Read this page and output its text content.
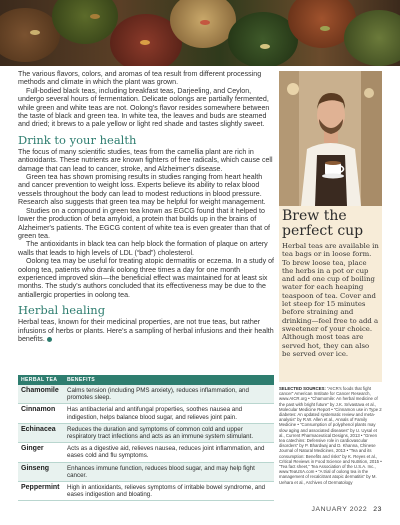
The various flavors, colors, and aromas of tea result from different processing methods and climate in which the plant was grown.

Full-bodied black teas, including breakfast teas, Darjeeling, and Ceylon, undergo several hours of fermentation. Delicate oolongs are partially fermented, while green and white teas are not. Oolong's flavor resides somewhere between the taste of black and green tea. In white tea, the leaves and buds are steamed and dried; it brews to a pale yellow or light red shade and tastes slightly sweet.

Drink to your health

The focus of many scientific studies, teas from the camellia plant are rich in antioxidants. These nutrients are known fighters of free radicals, which cause cell damage that can lead to cancer, stroke, and Alzheimer's disease.

Green tea has shown promising results in studies ranging from heart health and cancer prevention to weight loss. Experts believe its ability to relax blood vessels throughout the body can lead to modest reductions in blood pressure. Research also suggests that green tea may be helpful for weight management.

Studies on a compound in green tea known as EGCG found that it helped to lower the production of beta amyloid, a protein that builds up in the brains of Alzheimer's patients. The EGCG content of white tea is even greater than that of green tea.

The antioxidants in black tea can help block the formation of plaque on artery walls that leads to high levels of LDL (“bad”) cholesterol.

Oolong tea may be useful for treating atopic dermatitis or eczema. In a study of oolong tea, patients who drank oolong three times a day for one month experienced improved skin—the beneficial effect was maintained for at least six months. The study's authors concluded that its effectiveness may be due to the antiallergic properties in oolong tea.

Herbal healing

Herbal teas, known for their medicinal properties, are not true teas, but rather infusions of herbs or plants. Here's a sampling of herbal infusions and their health benefits.

HERBAL TEA	BENEFITS
Chamomile	Calms tension (including PMS anxiety), reduces inflammation, and promotes sleep.
Cinnamon	Has antibacterial and antifungal properties, soothes nausea and indigestion, helps balance blood sugar, and relieves joint pain.
Echinacea	Reduces the duration and symptoms of common cold and upper respiratory tract infections and acts as an immune system stimulant.
Ginger	Acts as a digestive aid, relieves nausea, reduces joint inflammation, and eases cold and flu symptoms.
Ginseng	Enhances immune function, reduces blood sugar, and may help fight cancer.
Peppermint	High in antioxidants, relieves symptoms of irritable bowel syndrome, and eases indigestion and bloating.
Brew the perfect cup

Herbal teas are available in tea bags or in loose form. To brew loose tea, place the herbs in a pot or cup and add one cup of boiling water for each heaping teaspoon of tea. Cover and let steep for 15 minutes before straining and drinking—feel free to add a sweetener of your choice. Although most teas are served hot, they can also be served over ice.

SELECTED SOURCES: “AICR's foods that fight cancer” American Institute for Cancer Research, www.AICR.org • “Chamomile: An herbal medicine of the past with bright future” by J.K. Srivastava et al., Molecular Medicine Report • “Cinnamon use in Type 2 diabetes: An updated systematic review and meta-analysis” by R.W. Allen et al., Annals of Family Medicine • “Consumption of polyphenol plants may slow aging and associated diseases” by U. Uysal et al., Current Pharmaceutical Designs, 2013 • “Green tea catechins: Defensive role in cardiovascular disorders” by P. Bhardwaj and D. Khanna, Chinese Journal of Natural Medicines, 2013 • “Tea and its consumption: Benefits and risks” by K. Reyes et al., Critical Reviews in Food Science and Nutrition, 2015 • “Tea fact sheet,” Tea Association of the U.S.A. Inc., www.TeaUSA.com • “A trial of oolong tea in the management of recalcitrant atopic dermatitis” by M. Uehara et al., Archives of Dermatology
JANUARY 2022 23
